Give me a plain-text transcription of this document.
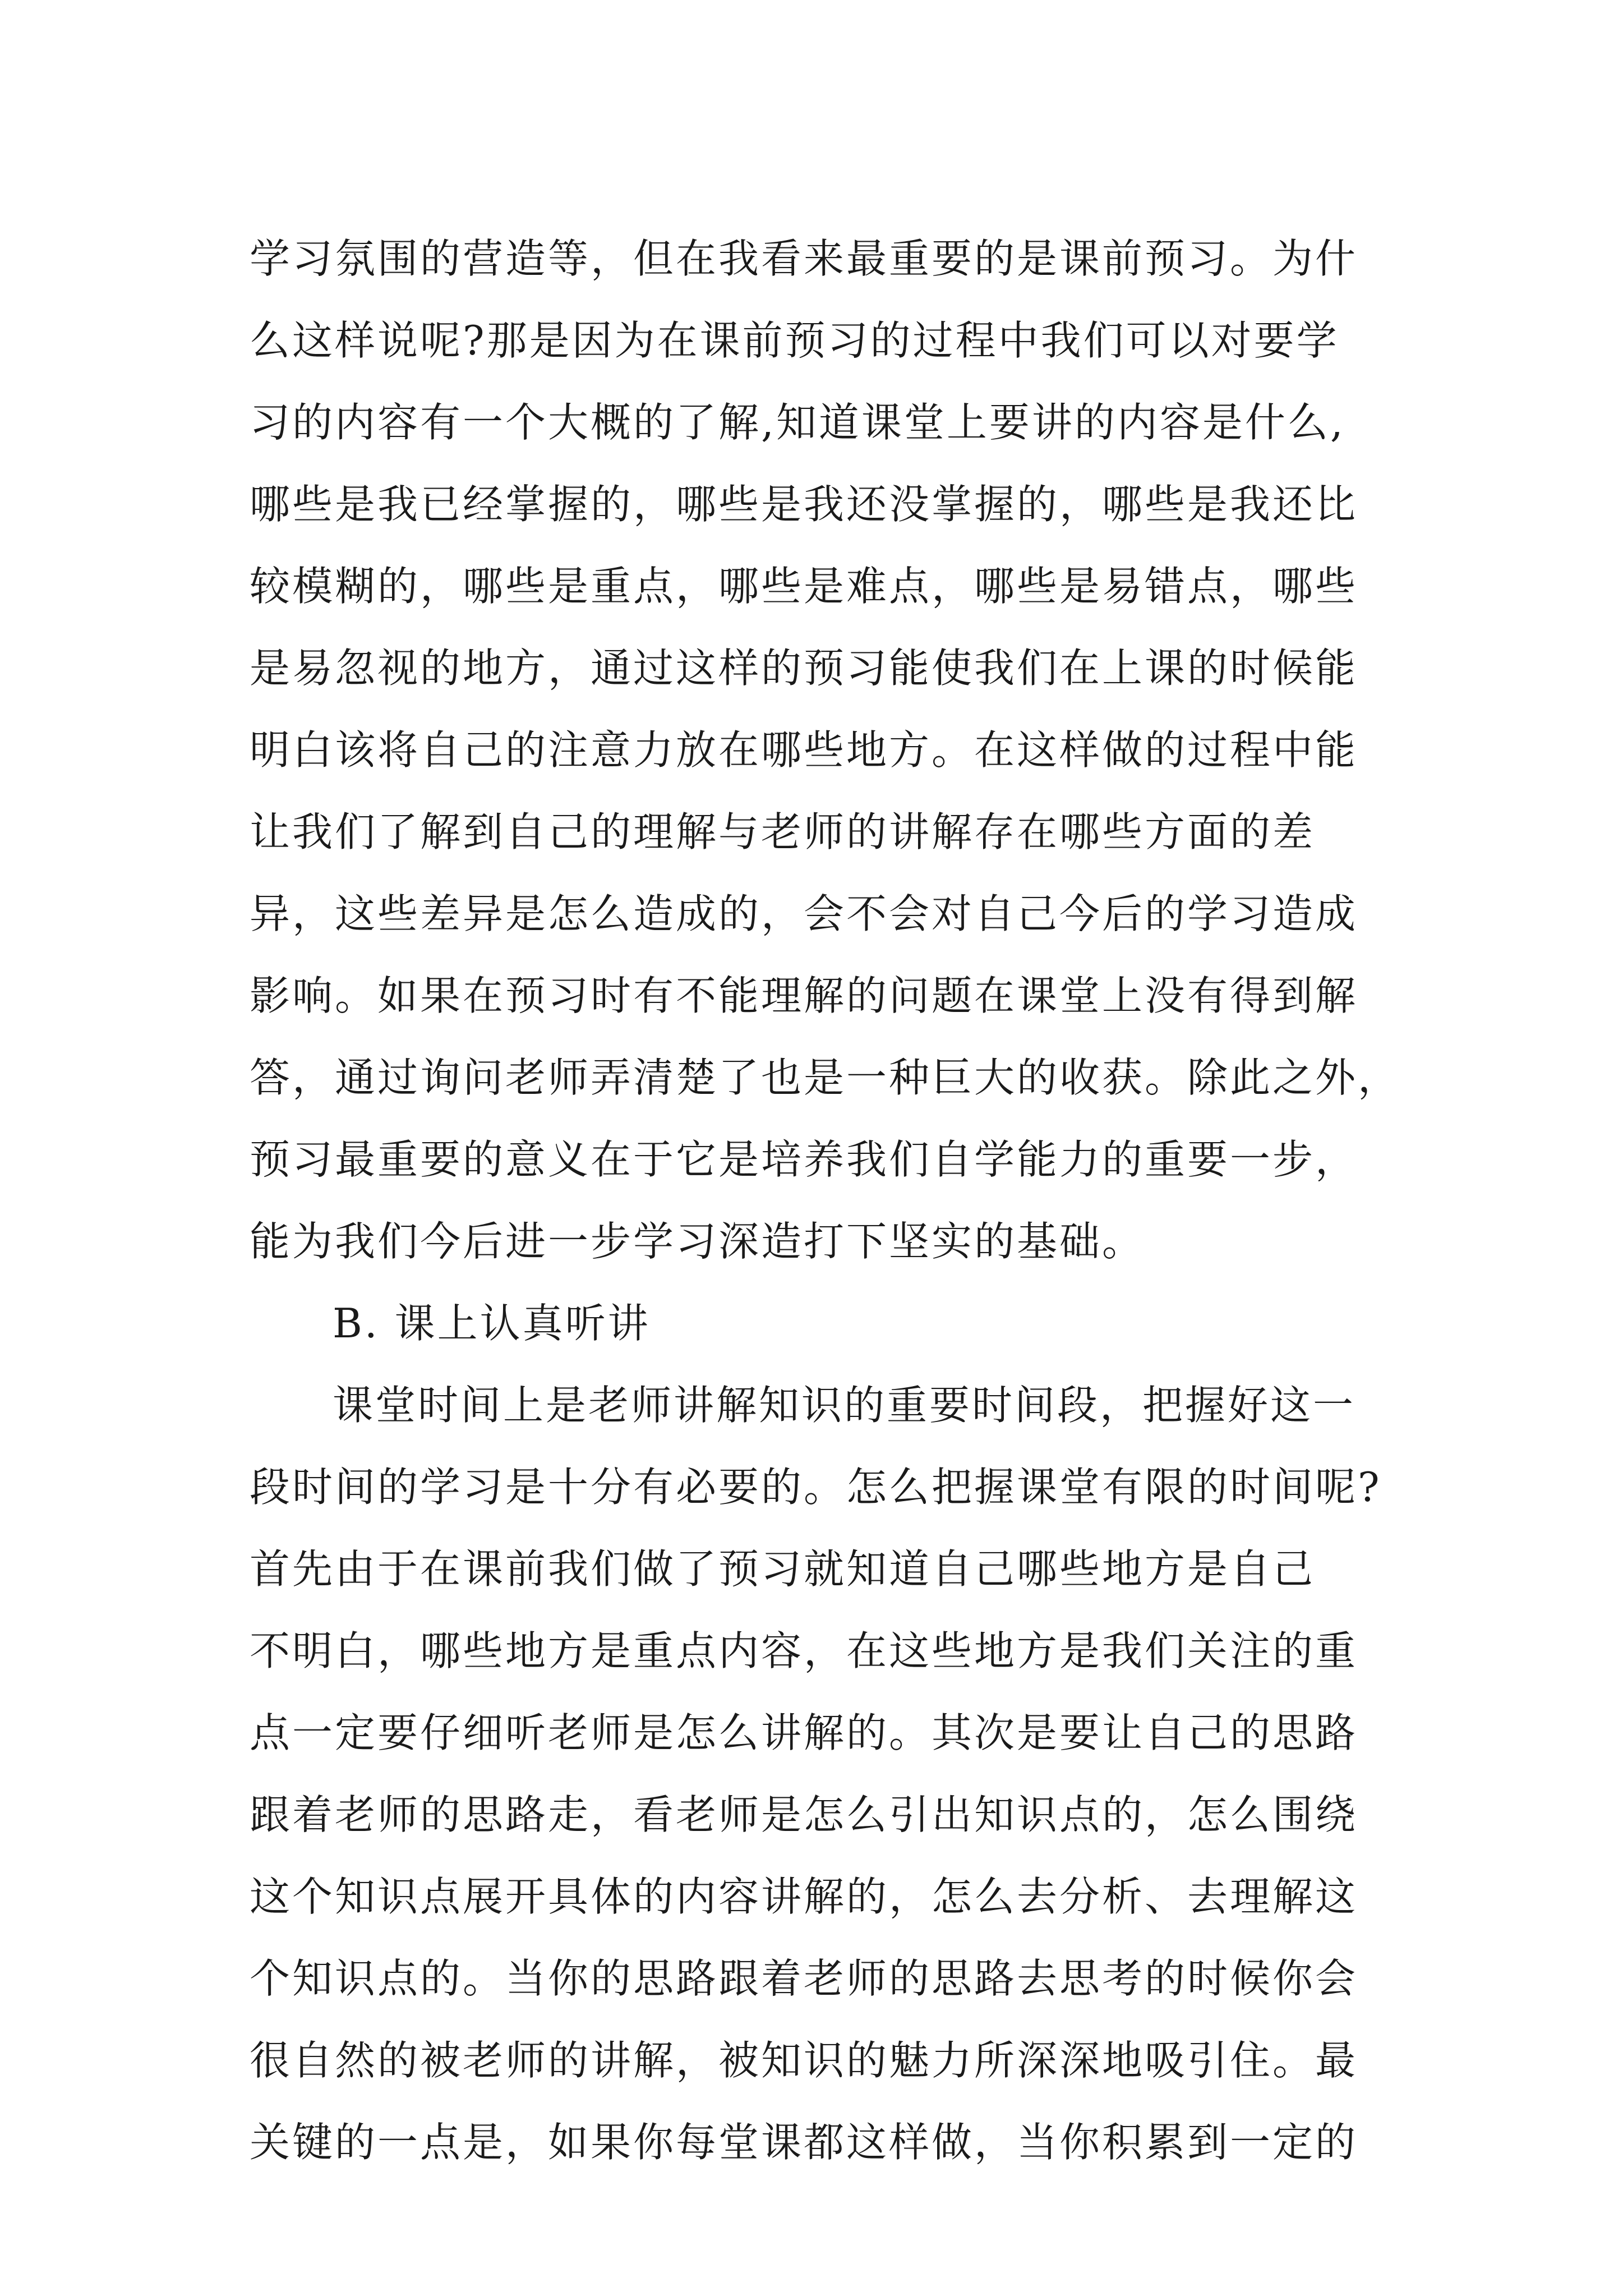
学习氛围的营造等，但在我看来最重要的是课前预习。为什
么这样说呢?那是因为在课前预习的过程中我们可以对要学
习的内容有一个大概的了解,知道课堂上要讲的内容是什么,
哪些是我已经掌握的，哪些是我还没掌握的，哪些是我还比
较模糊的，哪些是重点，哪些是难点，哪些是易错点，哪些
是易忽视的地方，通过这样的预习能使我们在上课的时候能
明白该将自己的注意力放在哪些地方。在这样做的过程中能
让我们了解到自己的理解与老师的讲解存在哪些方面的差
异，这些差异是怎么造成的，会不会对自己今后的学习造成
影响。如果在预习时有不能理解的问题在课堂上没有得到解
答，通过询问老师弄清楚了也是一种巨大的收获。除此之外，
预习最重要的意义在于它是培养我们自学能力的重要一步，
能为我们今后进一步学习深造打下坚实的基础。
B. 课上认真听讲
课堂时间上是老师讲解知识的重要时间段，把握好这一
段时间的学习是十分有必要的。怎么把握课堂有限的时间呢?
首先由于在课前我们做了预习就知道自己哪些地方是自己
不明白，哪些地方是重点内容，在这些地方是我们关注的重
点一定要仔细听老师是怎么讲解的。其次是要让自己的思路
跟着老师的思路走，看老师是怎么引出知识点的，怎么围绕
这个知识点展开具体的内容讲解的，怎么去分析、去理解这
个知识点的。当你的思路跟着老师的思路去思考的时候你会
很自然的被老师的讲解，被知识的魅力所深深地吸引住。最
关键的一点是，如果你每堂课都这样做，当你积累到一定的
